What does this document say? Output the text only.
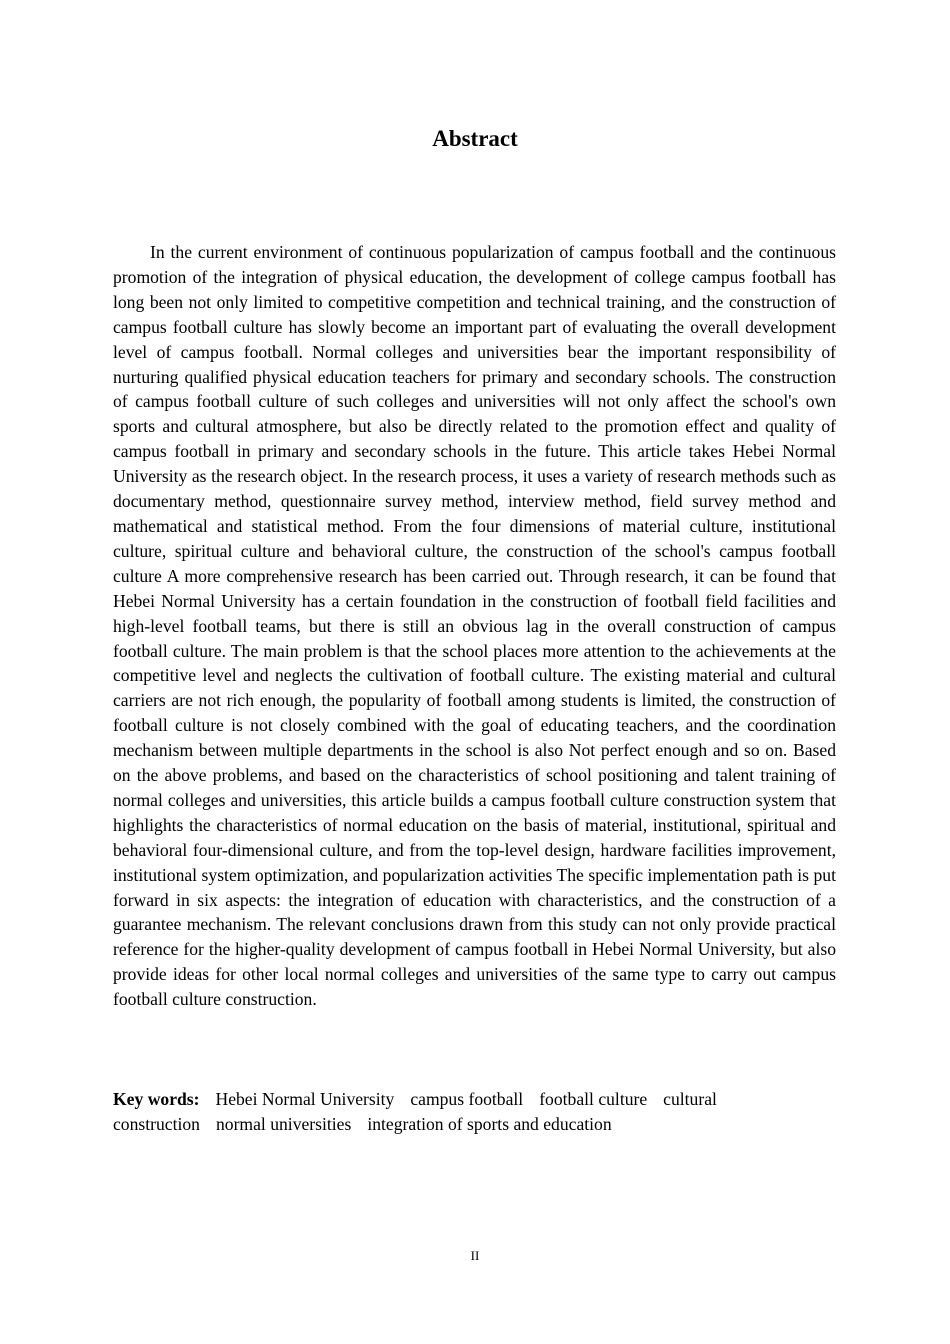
Abstract

In the current environment of continuous popularization of campus football and the continuous promotion of the integration of physical education, the development of college campus football has long been not only limited to competitive competition and technical training, and the construction of campus football culture has slowly become an important part of evaluating the overall development level of campus football. Normal colleges and universities bear the important responsibility of nurturing qualified physical education teachers for primary and secondary schools. The construction of campus football culture of such colleges and universities will not only affect the school's own sports and cultural atmosphere, but also be directly related to the promotion effect and quality of campus football in primary and secondary schools in the future. This article takes Hebei Normal University as the research object. In the research process, it uses a variety of research methods such as documentary method, questionnaire survey method, interview method, field survey method and mathematical and statistical method. From the four dimensions of material culture, institutional culture, spiritual culture and behavioral culture, the construction of the school's campus football culture A more comprehensive research has been carried out. Through research, it can be found that Hebei Normal University has a certain foundation in the construction of football field facilities and high-level football teams, but there is still an obvious lag in the overall construction of campus football culture. The main problem is that the school places more attention to the achievements at the competitive level and neglects the cultivation of football culture. The existing material and cultural carriers are not rich enough, the popularity of football among students is limited, the construction of football culture is not closely combined with the goal of educating teachers, and the coordination mechanism between multiple departments in the school is also Not perfect enough and so on. Based on the above problems, and based on the characteristics of school positioning and talent training of normal colleges and universities, this article builds a campus football culture construction system that highlights the characteristics of normal education on the basis of material, institutional, spiritual and behavioral four-dimensional culture, and from the top-level design, hardware facilities improvement, institutional system optimization, and popularization activities The specific implementation path is put forward in six aspects: the integration of education with characteristics, and the construction of a guarantee mechanism. The relevant conclusions drawn from this study can not only provide practical reference for the higher-quality development of campus football in Hebei Normal University, but also provide ideas for other local normal colleges and universities of the same type to carry out campus football culture construction.

Key words: Hebei Normal University campus football football culture cultural construction normal universities integration of sports and education

II
